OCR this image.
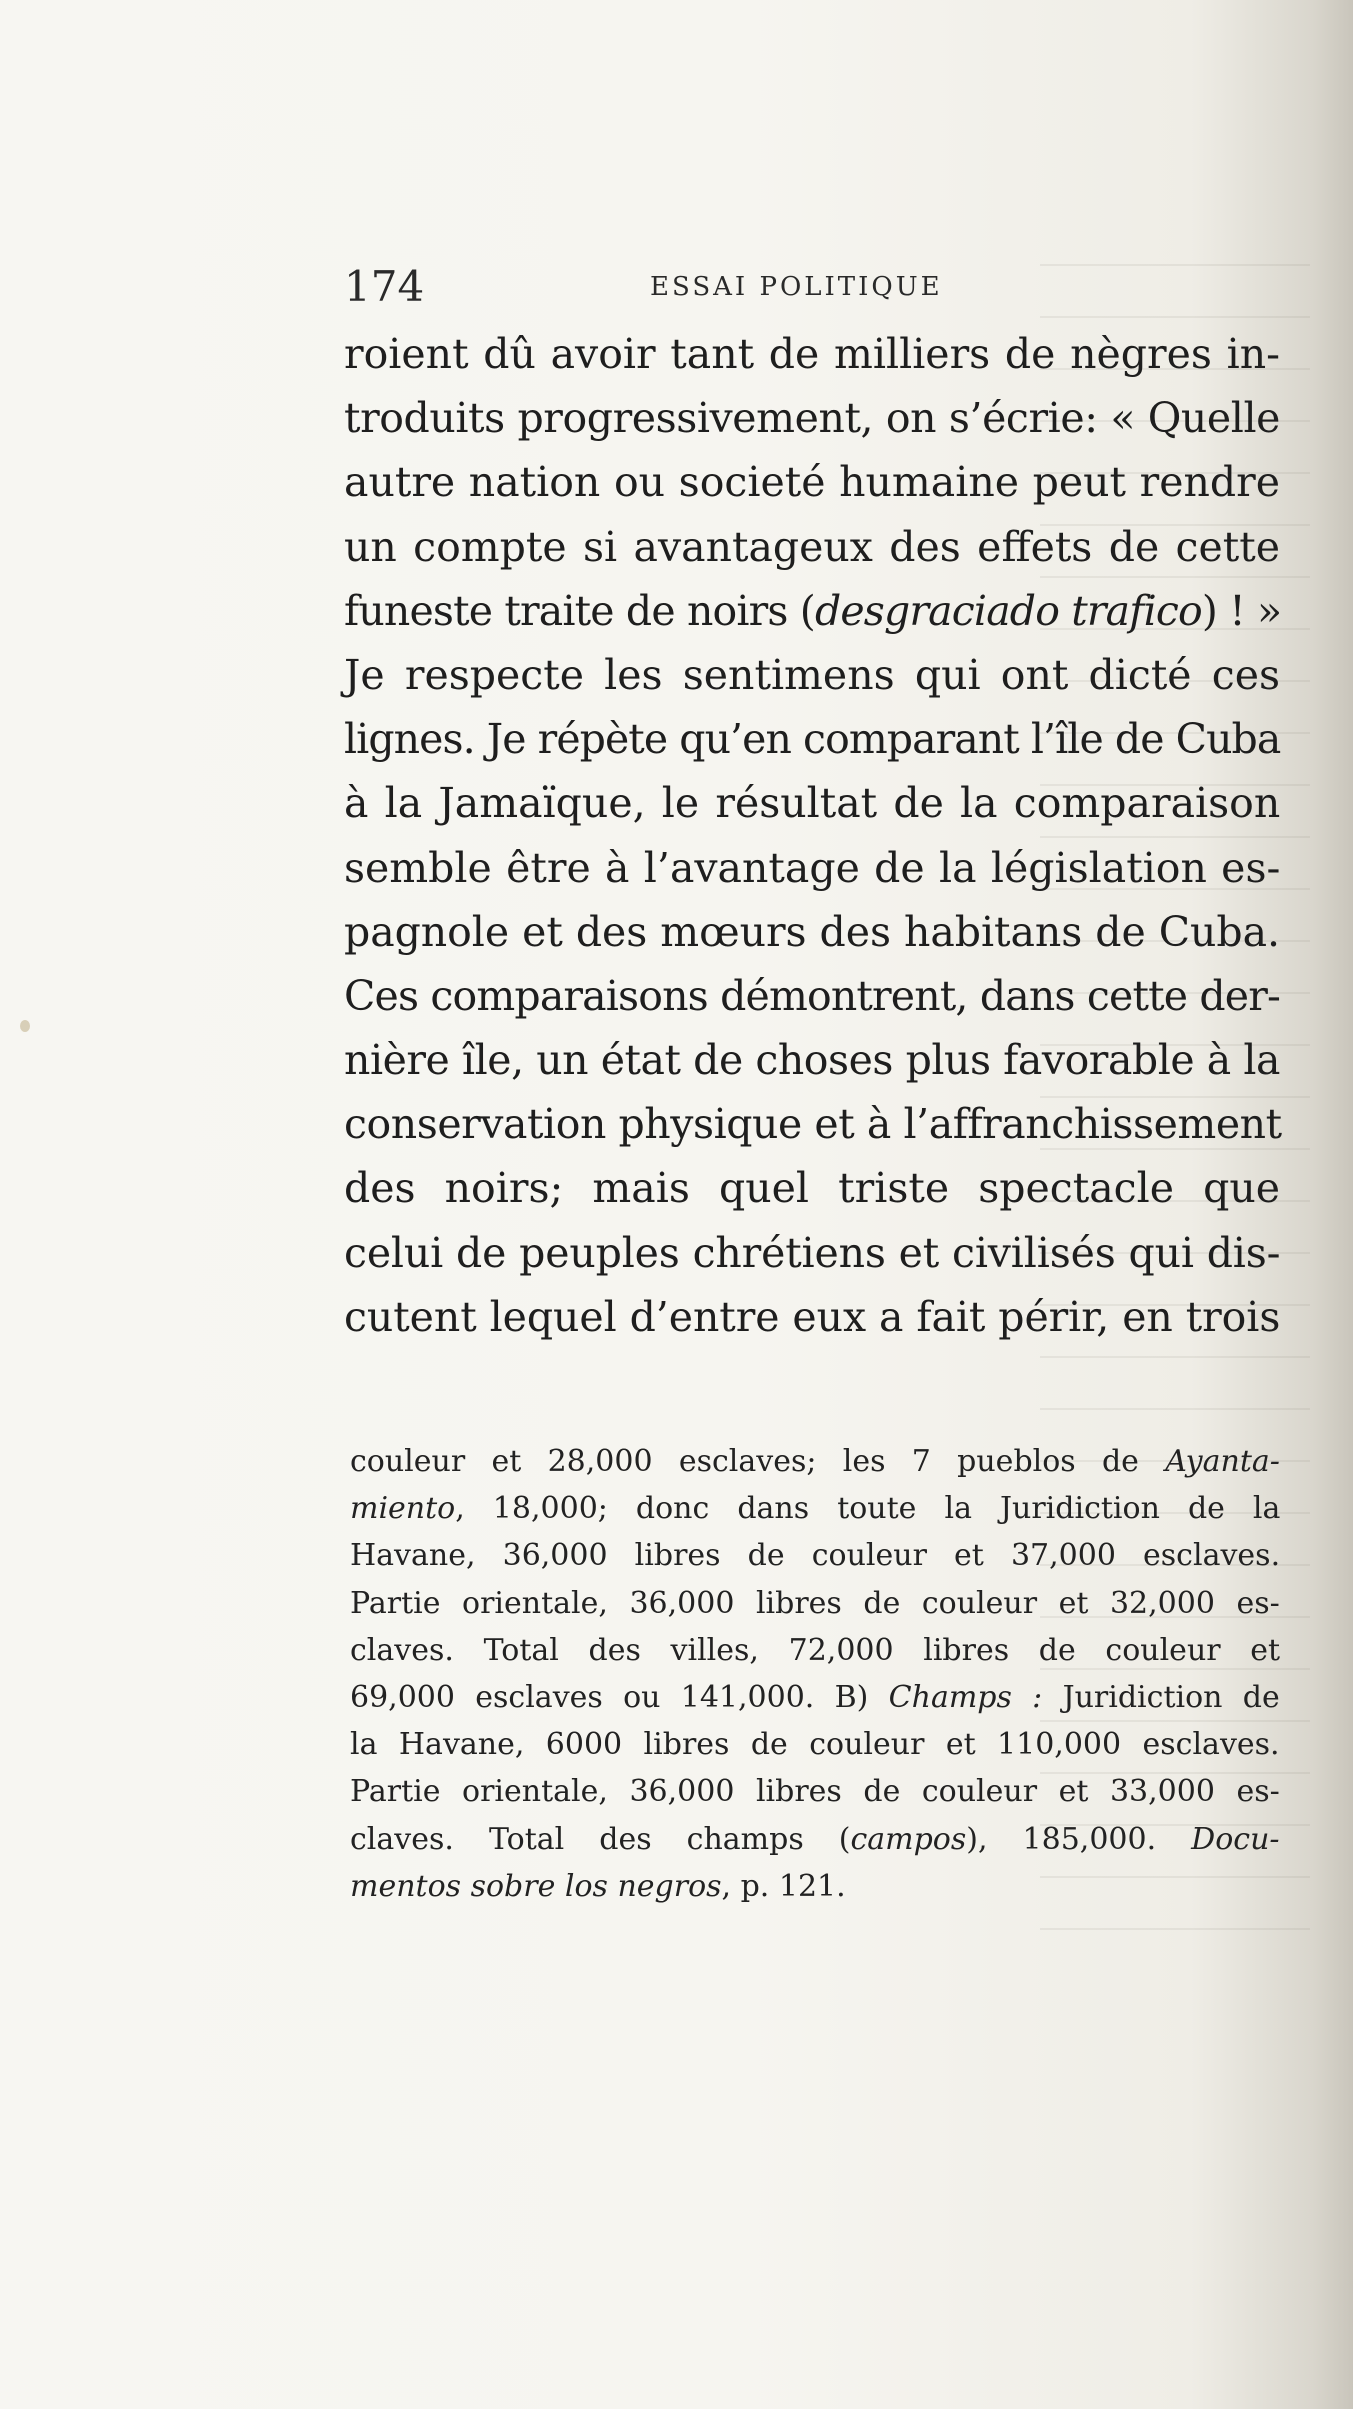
174	ESSAI POLITIQUE
roient dû avoir tant de milliers de nègres in-
troduits progressivement, on s’écrie: « Quelle
autre nation ou societé humaine peut rendre
un compte si avantageux des effets de cette
funeste traite de noirs (desgraciado trafico) ! »
Je respecte les sentimens qui ont dicté ces
lignes. Je répète qu’en comparant l’île de Cuba
à la Jamaïque, le résultat de la comparaison
semble être à l’avantage de la législation es-
pagnole et des mœurs des habitans de Cuba.
Ces comparaisons démontrent, dans cette der-
nière île, un état de choses plus favorable à la
conservation physique et à l’affranchissement
des noirs; mais quel triste spectacle que
celui de peuples chrétiens et civilisés qui dis-
cutent lequel d’entre eux a fait périr, en trois
couleur et 28,000 esclaves; les 7 pueblos de Ayanta-
miento, 18,000; donc dans toute la Juridiction de la
Havane, 36,000 libres de couleur et 37,000 esclaves.
Partie orientale, 36,000 libres de couleur et 32,000 es-
claves. Total des villes, 72,000 libres de couleur et
69,000 esclaves ou 141,000. B) Champs : Juridiction de
la Havane, 6000 libres de couleur et 110,000 esclaves.
Partie orientale, 36,000 libres de couleur et 33,000 es-
claves. Total des champs (campos), 185,000. Docu-
mentos sobre los negros, p. 121.
